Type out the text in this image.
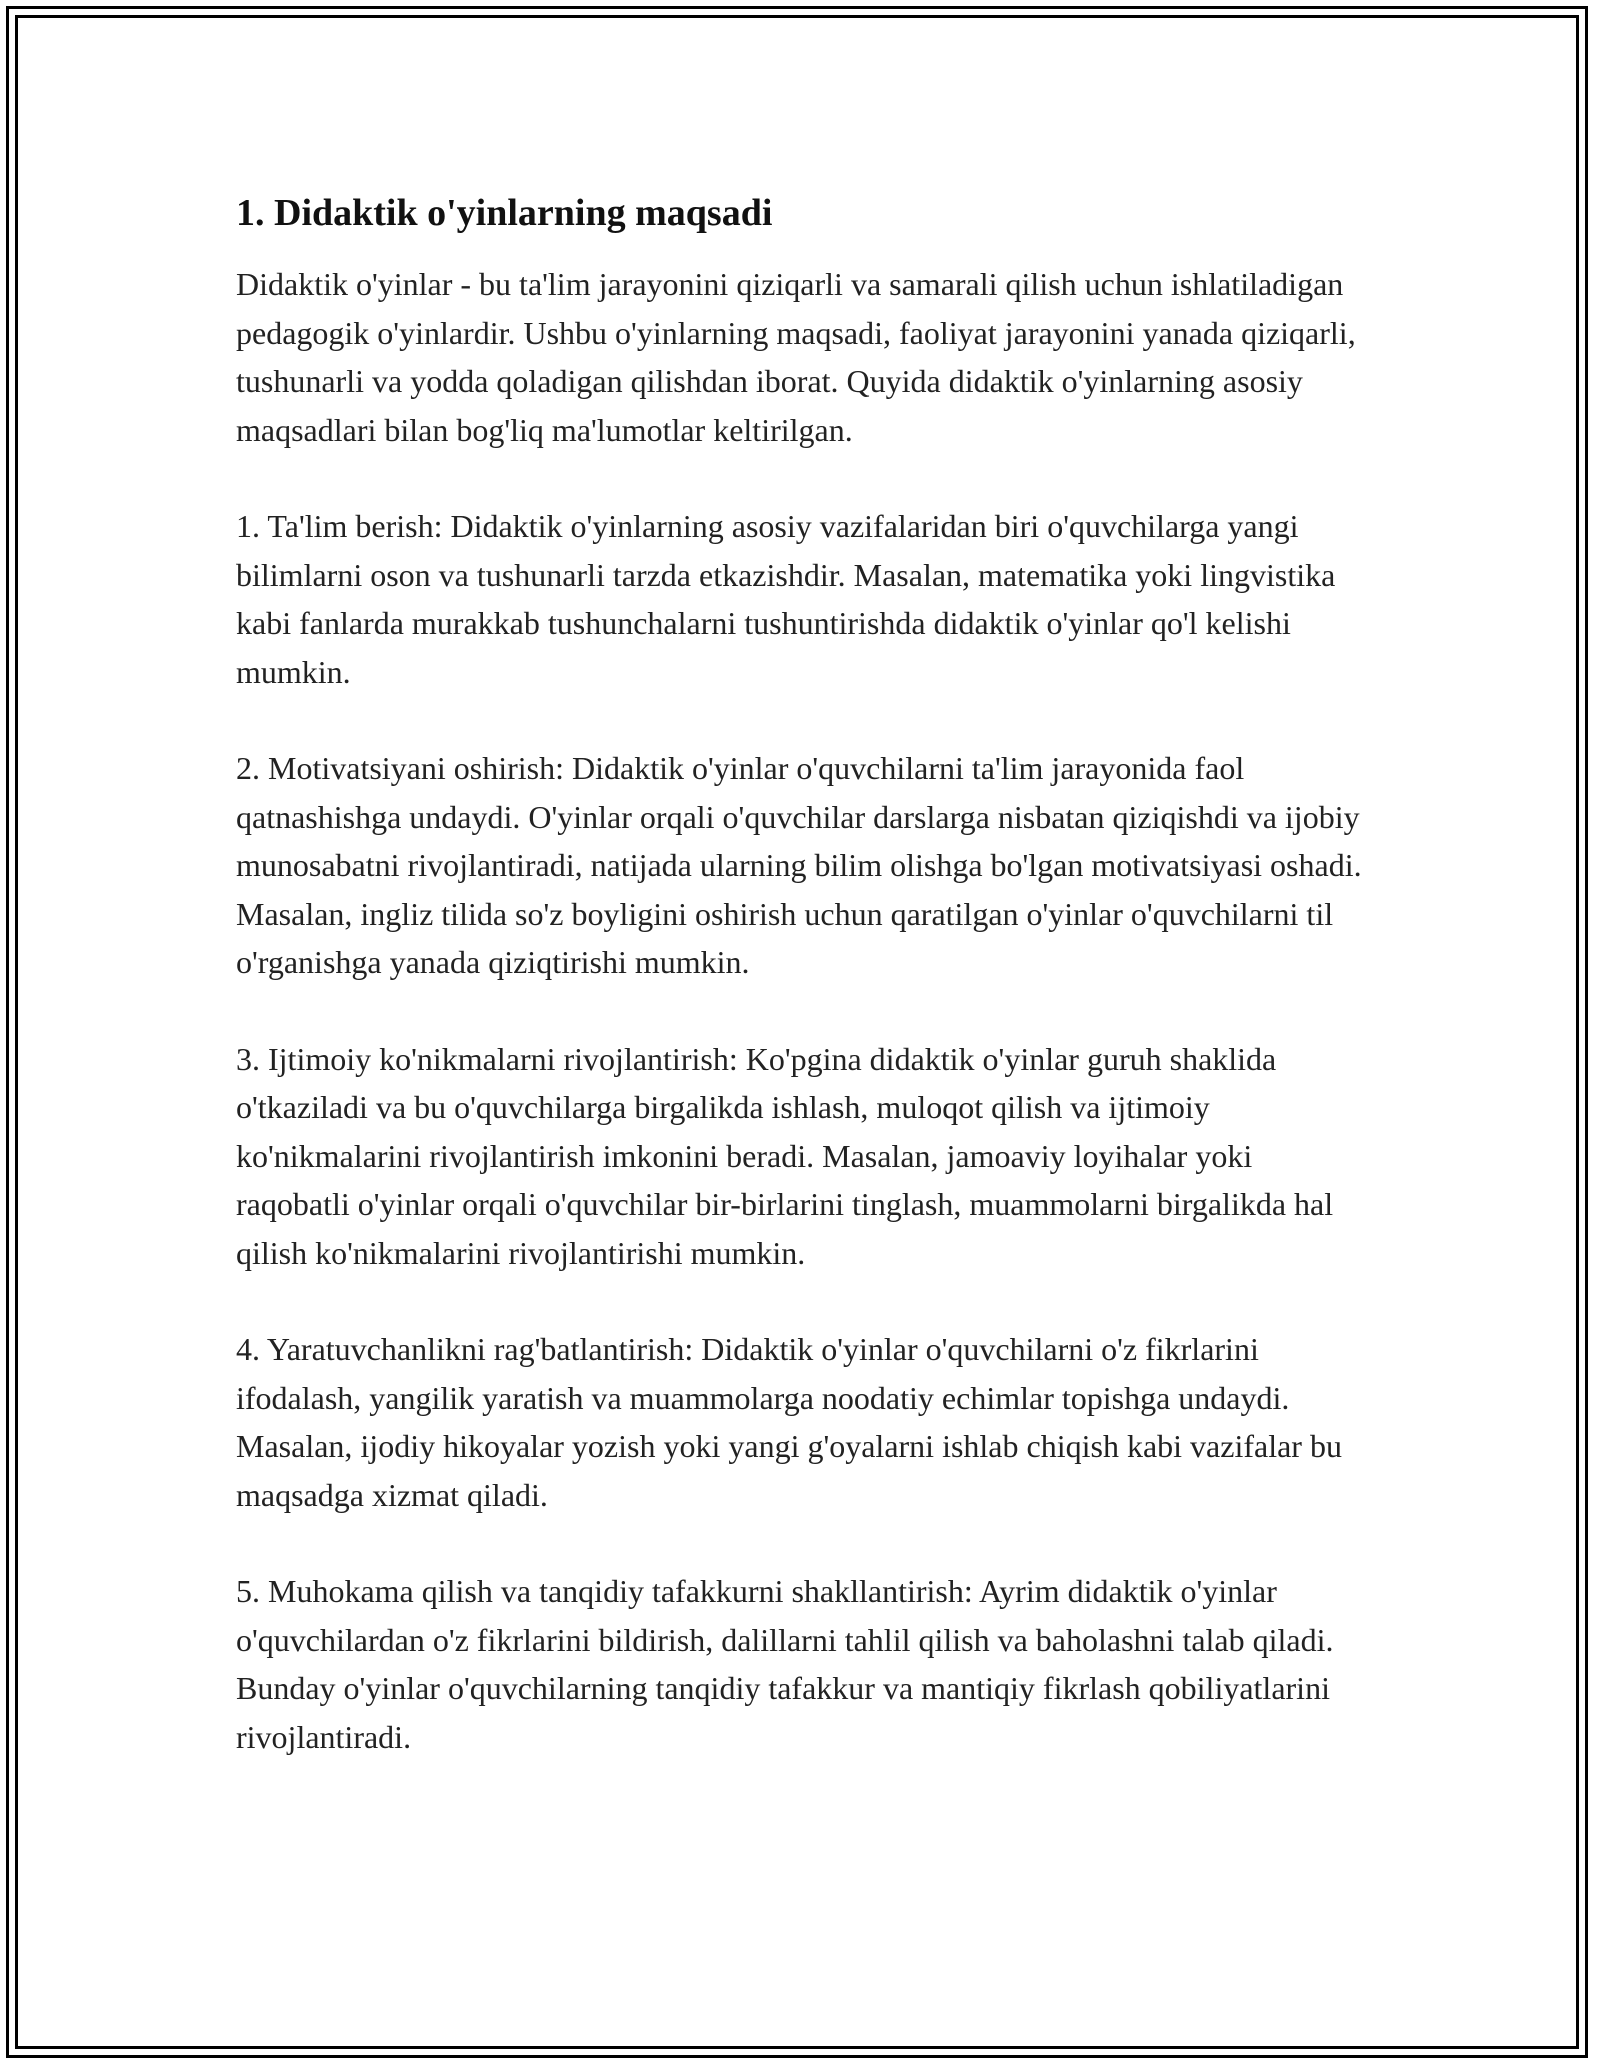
1. Didaktik o'yinlarning maqsadi

Didaktik o'yinlar - bu ta'lim jarayonini qiziqarli va samarali qilish uchun ishlatiladigan pedagogik o'yinlardir. Ushbu o'yinlarning maqsadi, faoliyat jarayonini yanada qiziqarli, tushunarli va yodda qoladigan qilishdan iborat. Quyida didaktik o'yinlarning asosiy maqsadlari bilan bog'liq ma'lumotlar keltirilgan.

1. Ta'lim berish: Didaktik o'yinlarning asosiy vazifalaridan biri o'quvchilarga yangi bilimlarni oson va tushunarli tarzda etkazishdir. Masalan, matematika yoki lingvistika kabi fanlarda murakkab tushunchalarni tushuntirishda didaktik o'yinlar qo'l kelishi mumkin.

2. Motivatsiyani oshirish: Didaktik o'yinlar o'quvchilarni ta'lim jarayonida faol qatnashishga undaydi. O'yinlar orqali o'quvchilar darslarga nisbatan qiziqishdi va ijobiy munosabatni rivojlantiradi, natijada ularning bilim olishga bo'lgan motivatsiyasi oshadi. Masalan, ingliz tilida so'z boyligini oshirish uchun qaratilgan o'yinlar o'quvchilarni til o'rganishga yanada qiziqtirishi mumkin.

3. Ijtimoiy ko'nikmalarni rivojlantirish: Ko'pgina didaktik o'yinlar guruh shaklida o'tkaziladi va bu o'quvchilarga birgalikda ishlash, muloqot qilish va ijtimoiy ko'nikmalarini rivojlantirish imkonini beradi. Masalan, jamoaviy loyihalar yoki raqobatli o'yinlar orqali o'quvchilar bir-birlarini tinglash, muammolarni birgalikda hal qilish ko'nikmalarini rivojlantirishi mumkin.

4. Yaratuvchanlikni rag'batlantirish: Didaktik o'yinlar o'quvchilarni o'z fikrlarini ifodalash, yangilik yaratish va muammolarga noodatiy echimlar topishga undaydi. Masalan, ijodiy hikoyalar yozish yoki yangi g'oyalarni ishlab chiqish kabi vazifalar bu maqsadga xizmat qiladi.

5. Muhokama qilish va tanqidiy tafakkurni shakllantirish: Ayrim didaktik o'yinlar o'quvchilardan o'z fikrlarini bildirish, dalillarni tahlil qilish va baholashni talab qiladi. Bunday o'yinlar o'quvchilarning tanqidiy tafakkur va mantiqiy fikrlash qobiliyatlarini rivojlantiradi.
